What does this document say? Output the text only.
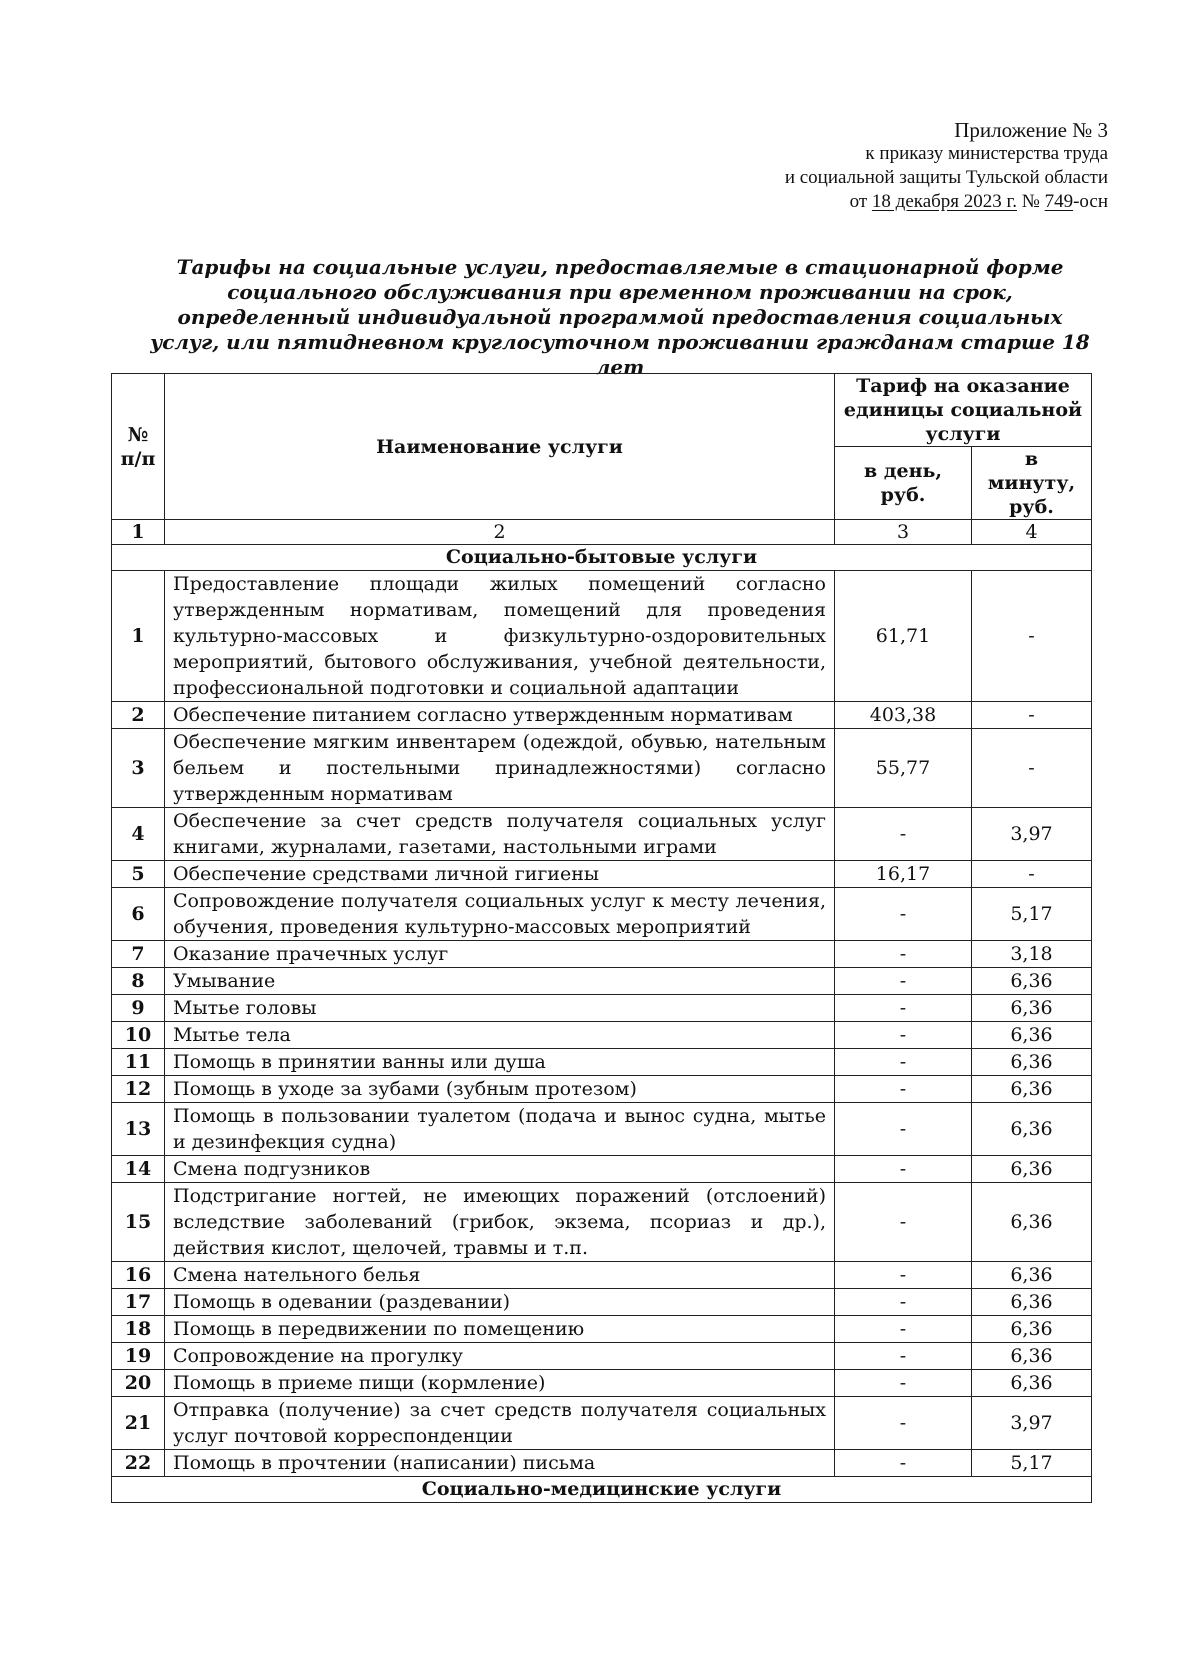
Приложение № 3
к приказу министерства труда
и социальной защиты Тульской области
от 18 декабря 2023 г. № 749-осн
Тарифы на социальные услуги, предоставляемые в стационарной форме социального обслуживания при временном проживании на срок, определенный индивидуальной программой предоставления социальных услуг, или пятидневном круглосуточном проживании гражданам старше 18 лет
№ п/п	Наименование услуги	Тариф на оказание единицы социальной услуги	
		в день, руб.	в минуту, руб.
1	2	3	4
Социально-бытовые услуги			
1	Предоставление площади жилых помещений согласно утвержденным нормативам, помещений для проведения культурно-массовых и физкультурно-оздоровительных мероприятий, бытового обслуживания, учебной деятельности, профессиональной подготовки и социальной адаптации	61,71	-
2	Обеспечение питанием согласно утвержденным нормативам	403,38	-
3	Обеспечение мягким инвентарем (одеждой, обувью, нательным бельем и постельными принадлежностями) согласно утвержденным нормативам	55,77	-
4	Обеспечение за счет средств получателя социальных услуг книгами, журналами, газетами, настольными играми	-	3,97
5	Обеспечение средствами личной гигиены	16,17	-
6	Сопровождение получателя социальных услуг к месту лечения, обучения, проведения культурно-массовых мероприятий	-	5,17
7	Оказание прачечных услуг	-	3,18
8	Умывание	-	6,36
9	Мытье головы	-	6,36
10	Мытье тела	-	6,36
11	Помощь в принятии ванны или душа	-	6,36
12	Помощь в уходе за зубами (зубным протезом)	-	6,36
13	Помощь в пользовании туалетом (подача и вынос судна, мытье и дезинфекция судна)	-	6,36
14	Смена подгузников	-	6,36
15	Подстригание ногтей, не имеющих поражений (отслоений) вследствие заболеваний (грибок, экзема, псориаз и др.), действия кислот, щелочей, травмы и т.п.	-	6,36
16	Смена нательного белья	-	6,36
17	Помощь в одевании (раздевании)	-	6,36
18	Помощь в передвижении по помещению	-	6,36
19	Сопровождение на прогулку	-	6,36
20	Помощь в приеме пищи (кормление)	-	6,36
21	Отправка (получение) за счет средств получателя социальных услуг почтовой корреспонденции	-	3,97
22	Помощь в прочтении (написании) письма	-	5,17
Социально-медицинские услуги			
